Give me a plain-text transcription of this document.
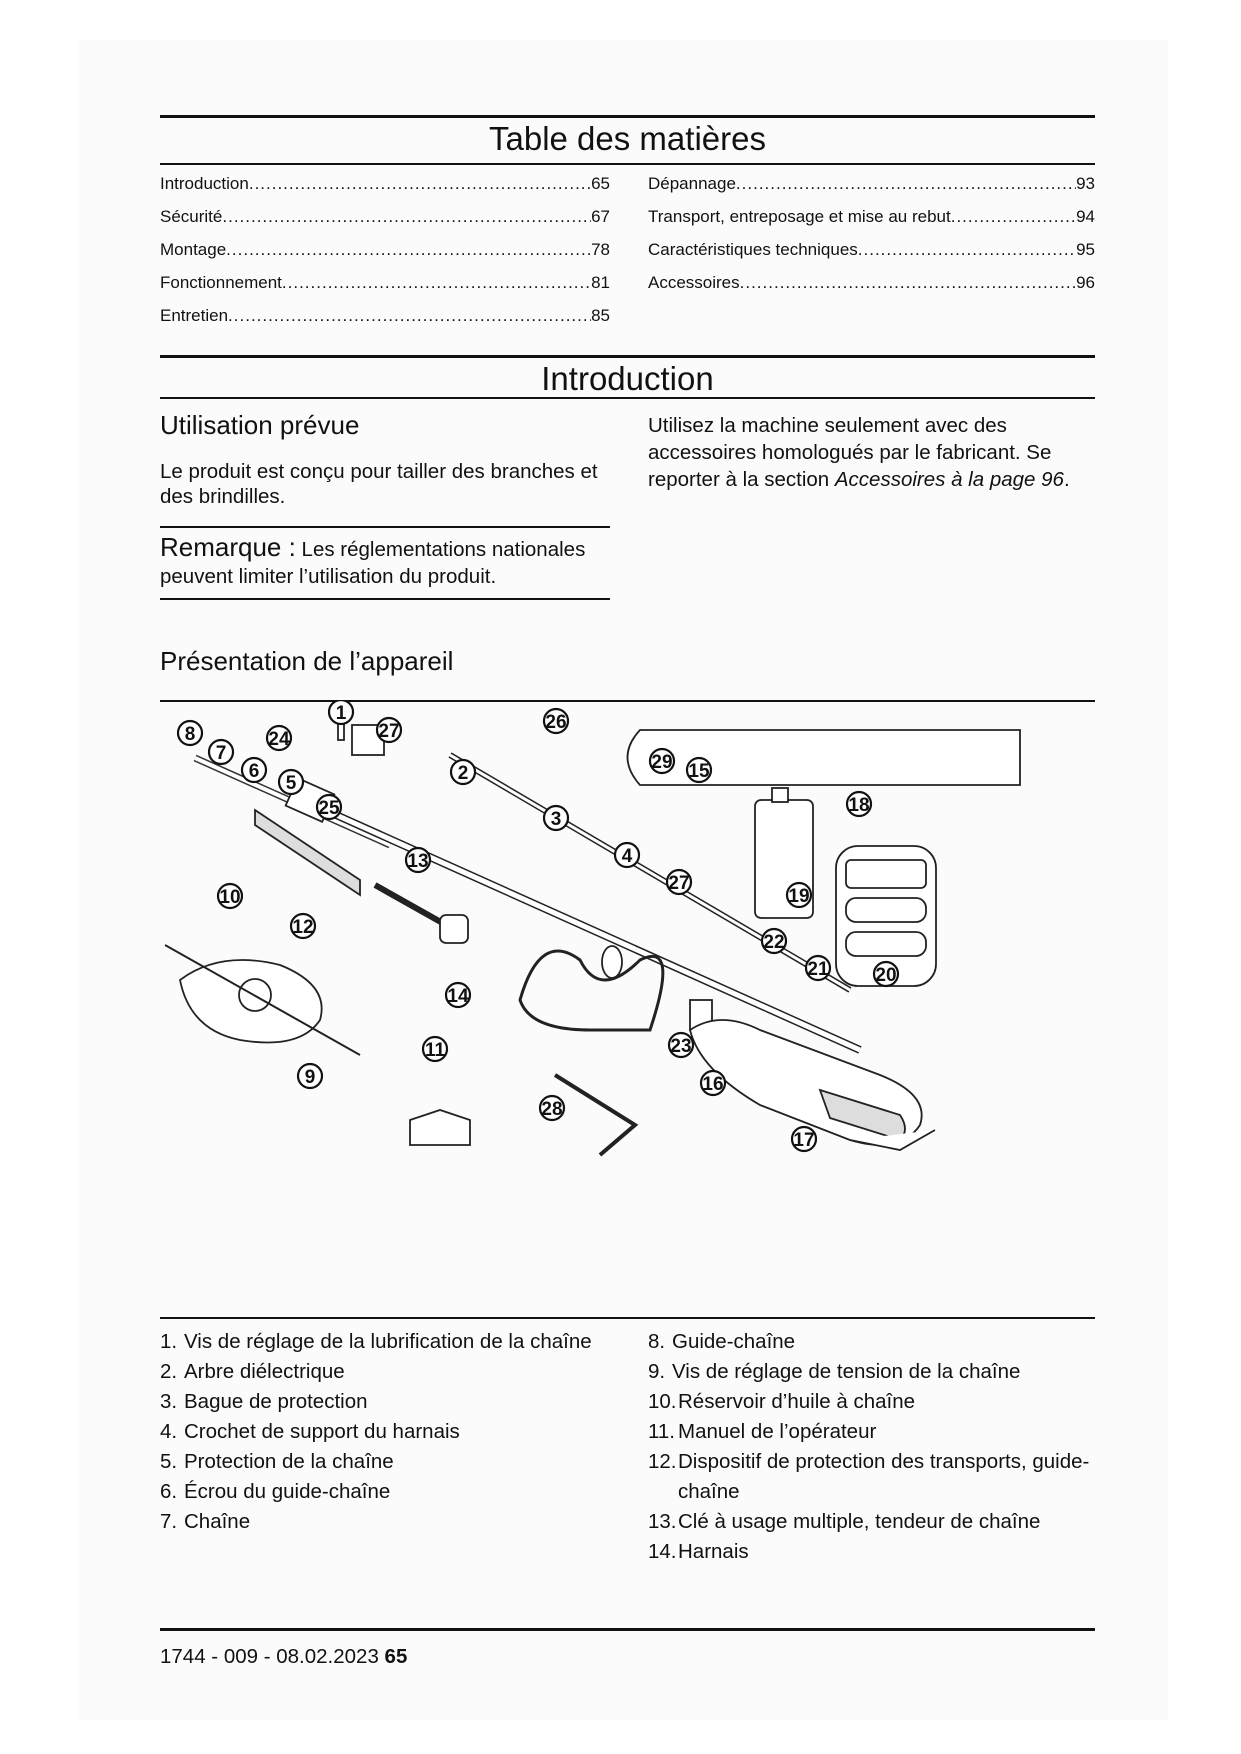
Table des matières
Introduction .....	65
Sécurité .....	67
Montage .....	78
Fonctionnement .....	81
Entretien .....	85
Dépannage .....	93
Transport, entreposage et mise au rebut .....	94
Caractéristiques techniques .....	95
Accessoires .....	96
Introduction
Utilisation prévue
Le produit est conçu pour tailler des branches et des brindilles.
Remarque : Les réglementations nationales peuvent limiter l’utilisation du produit.
Utilisez la machine seulement avec des accessoires homologués par le fabricant. Se reporter à la section Accessoires à la page 96.
Présentation de l’appareil
1
2
3
4
5
6
7
8
9
10
11
12
13
14
15
16
17
18
19
20
21
22
23
25
26
27
27
28
24
29
1. Vis de réglage de la lubrification de la chaîne
2. Arbre diélectrique
3. Bague de protection
4. Crochet de support du harnais
5. Protection de la chaîne
6. Écrou du guide-chaîne
7. Chaîne
8. Guide-chaîne
9. Vis de réglage de tension de la chaîne
10. Réservoir d’huile à chaîne
11. Manuel de l’opérateur
12. Dispositif de protection des transports, guide-chaîne
13. Clé à usage multiple, tendeur de chaîne
14. Harnais
1744 - 009 - 08.02.2023 65
